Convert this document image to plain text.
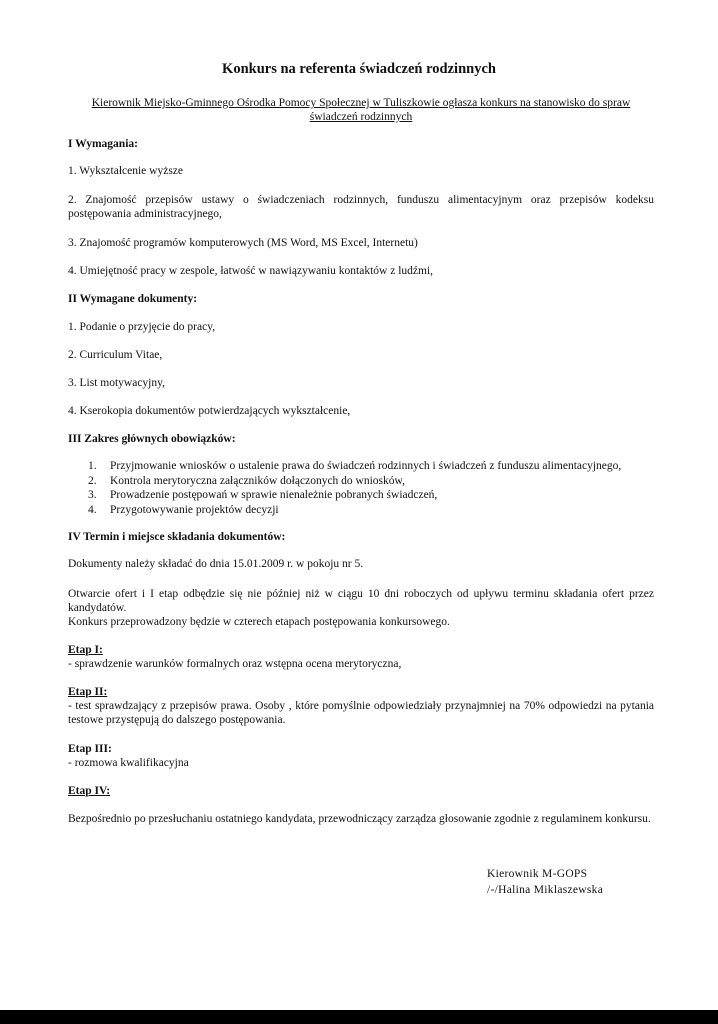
Konkurs na referenta świadczeń rodzinnych
Kierownik Miejsko-Gminnego Ośrodka Pomocy Społecznej w Tuliszkowie ogłasza konkurs na stanowisko do spraw świadczeń rodzinnych
I Wymagania:
1. Wykształcenie wyższe
2. Znajomość przepisów ustawy o świadczeniach rodzinnych, funduszu alimentacyjnym oraz przepisów kodeksu postępowania administracyjnego,
3. Znajomość programów komputerowych (MS Word, MS Excel, Internetu)
4. Umiejętność pracy w zespole, łatwość w nawiązywaniu kontaktów z ludźmi,
II Wymagane dokumenty:
1. Podanie o przyjęcie do pracy,
2. Curriculum Vitae,
3. List motywacyjny,
4. Kserokopia dokumentów potwierdzających wykształcenie,
III Zakres głównych obowiązków:
1.	Przyjmowanie wniosków o ustalenie prawa do świadczeń rodzinnych i świadczeń z funduszu alimentacyjnego,
2.	Kontrola merytoryczna załączników dołączonych do wniosków,
3.	Prowadzenie postępowań w sprawie nienależnie pobranych świadczeń,
4.	Przygotowywanie projektów decyzji
IV Termin i miejsce składania dokumentów:
Dokumenty należy składać do dnia 15.01.2009 r. w pokoju nr 5.
Otwarcie ofert i I etap odbędzie się nie później niż w ciągu 10 dni roboczych od upływu terminu składania ofert przez kandydatów.
Konkurs przeprowadzony będzie w czterech etapach postępowania konkursowego.
Etap I:
- sprawdzenie warunków formalnych oraz wstępna ocena merytoryczna,
Etap II:
- test sprawdzający z przepisów prawa. Osoby , które pomyślnie odpowiedziały przynajmniej na 70% odpowiedzi na pytania testowe przystępują do dalszego postępowania.
Etap III:
- rozmowa kwalifikacyjna
Etap IV:
Bezpośrednio po przesłuchaniu ostatniego kandydata, przewodniczący zarządza głosowanie zgodnie z regulaminem konkursu.
Kierownik M-GOPS
/-/Halina Miklaszewska
